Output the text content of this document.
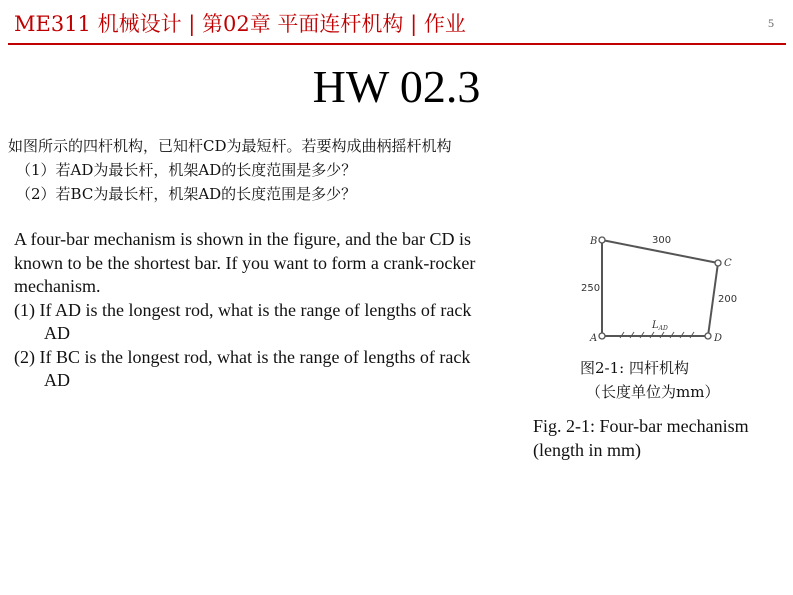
ME311 机械设计 | 第02章 平面连杆机构 | 作业	5
HW 02.3
如图所示的四杆机构，已知杆CD为最短杆。若要构成曲柄摇杆机构
（1）若AD为最长杆，机架AD的长度范围是多少？
（2）若BC为最长杆，机架AD的长度范围是多少？
A four-bar mechanism is shown in the figure, and the bar CD is
known to be the shortest bar. If you want to form a crank-rocker
mechanism.
(1) If AD is the longest rod, what is the range of lengths of rack
AD
(2) If BC is the longest rod, what is the range of lengths of rack
AD
B
C
A	D
300
250
200
$L_{AD}$
图2-1: 四杆机构
（长度单位为mm）
Fig. 2-1: Four-bar mechanism
(length in mm)
